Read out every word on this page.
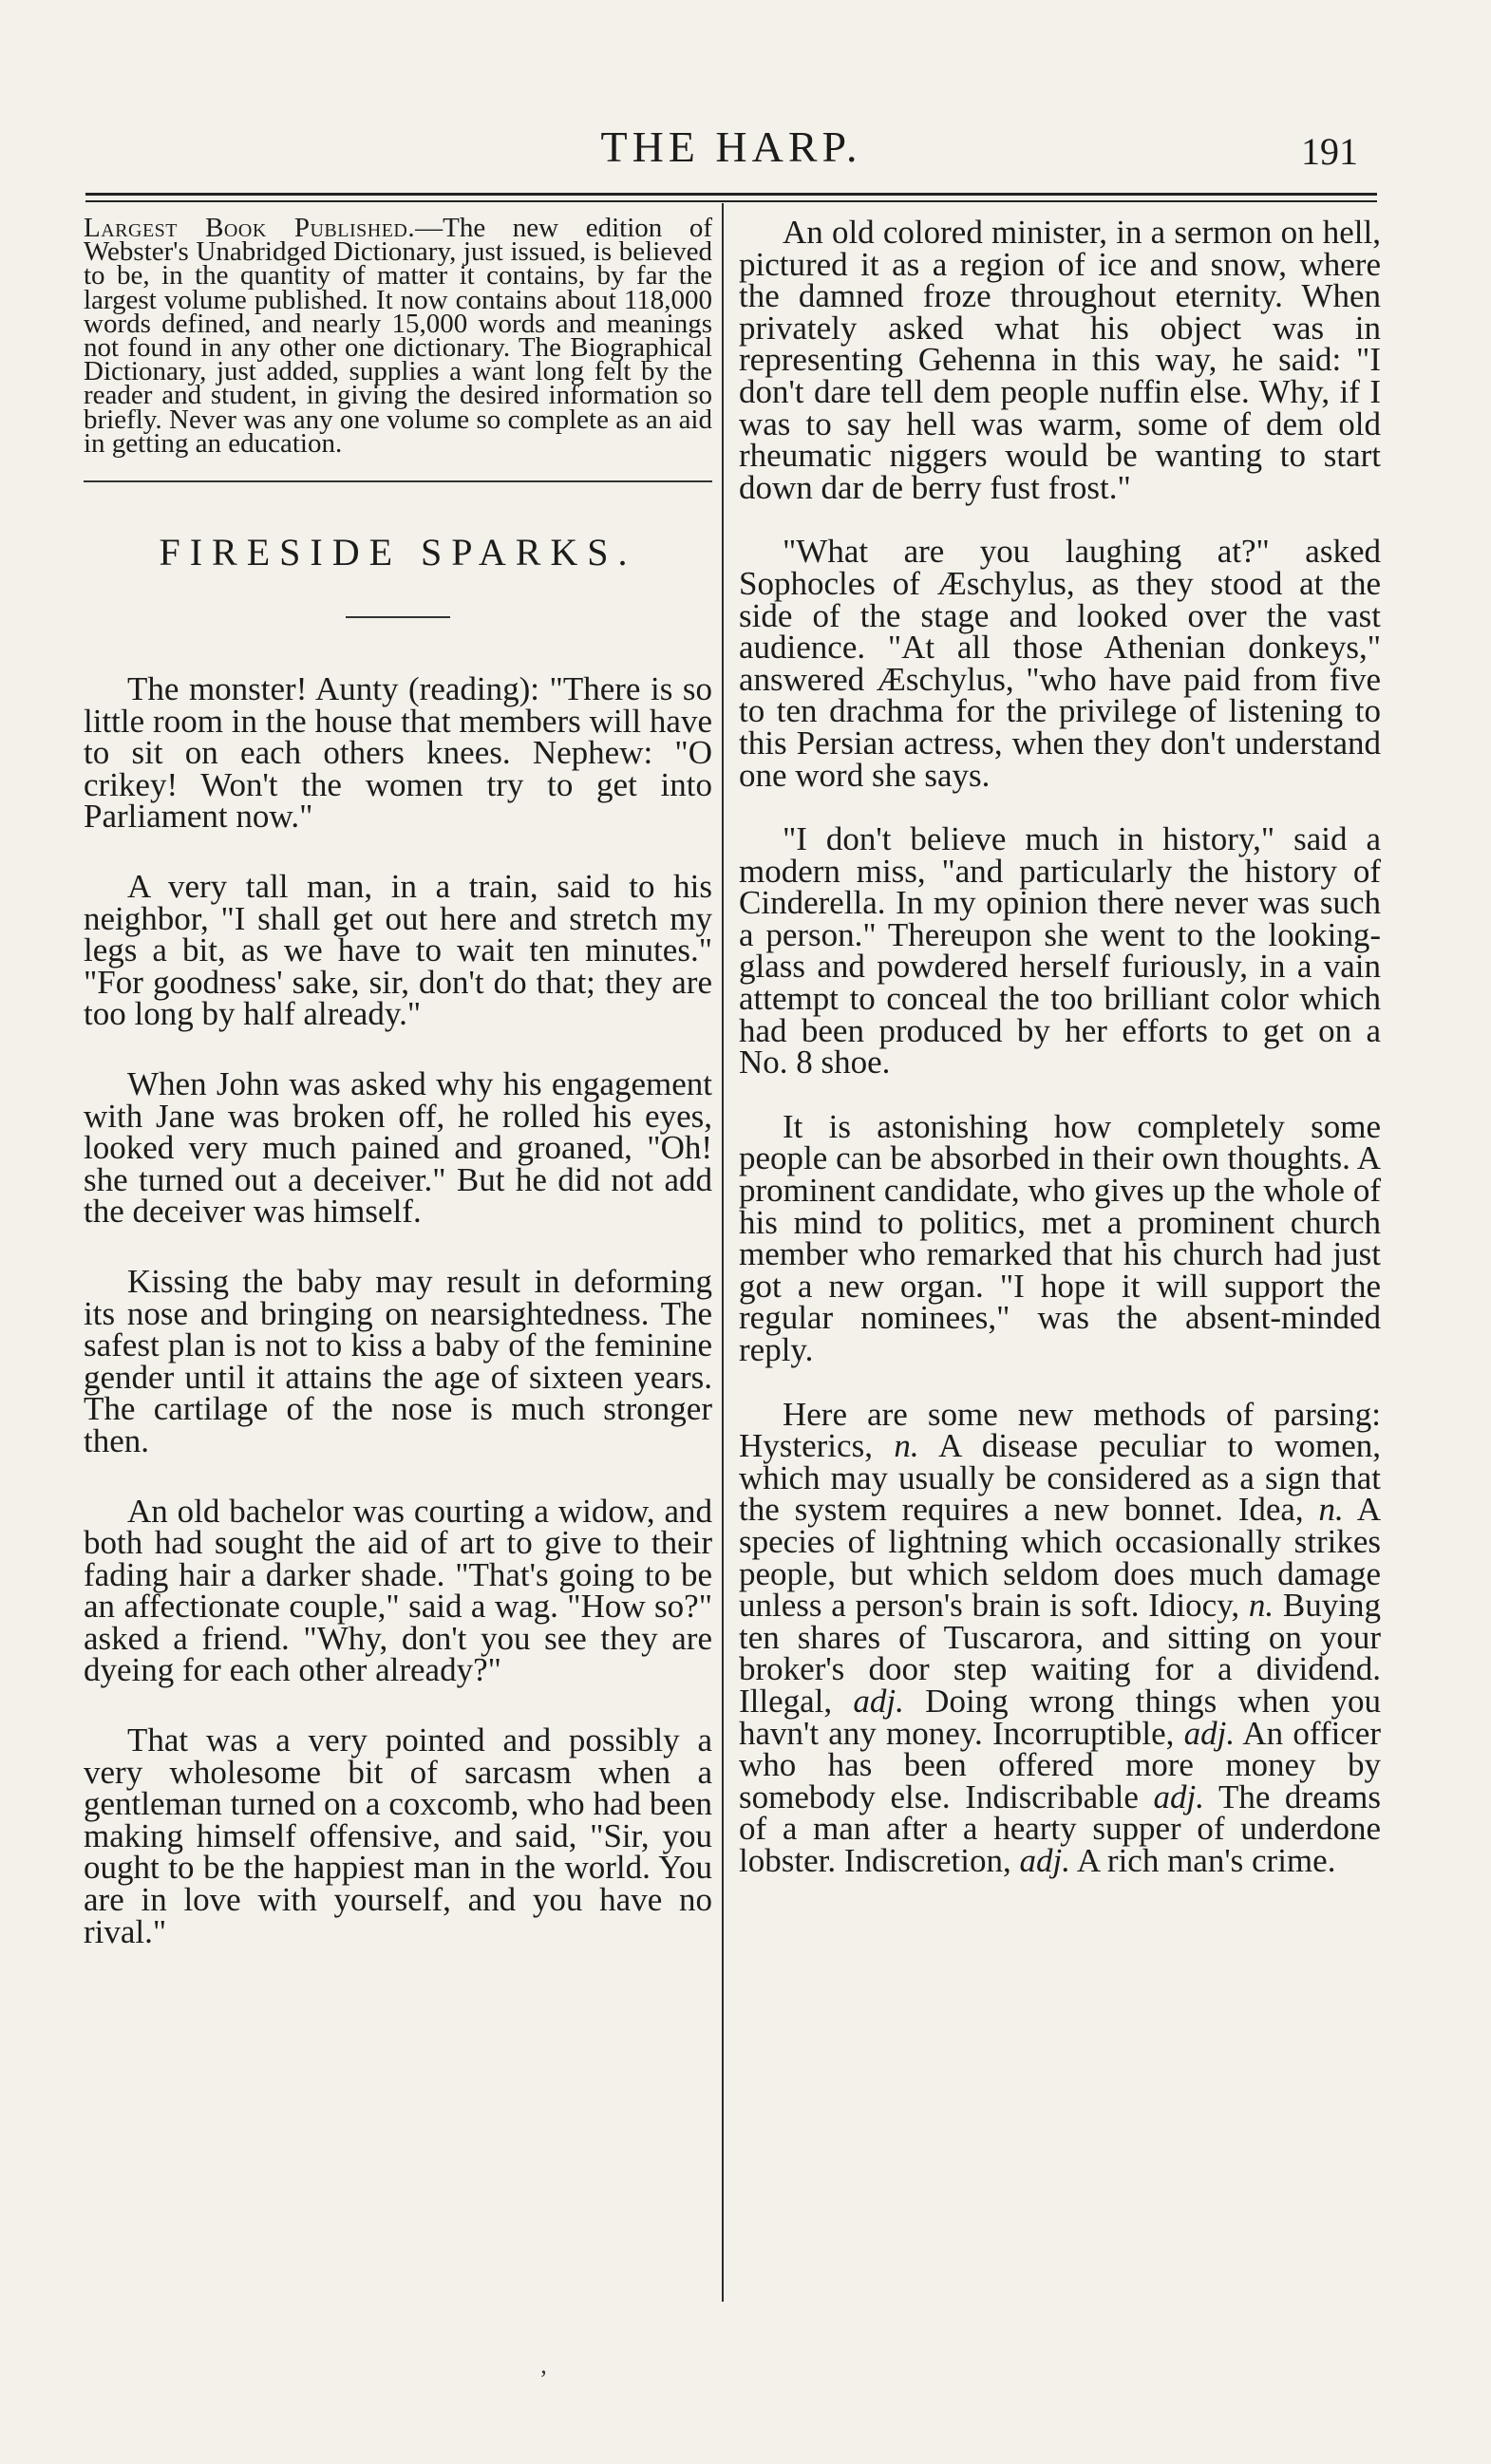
THE HARP.	191

Largest Book Published.—The new edition of Webster's Unabridged Dictionary, just issued, is believed to be, in the quantity of matter it contains, by far the largest volume published. It now contains about 118,000 words defined, and nearly 15,000 words and meanings not found in any other one dictionary. The Biographical Dictionary, just added, supplies a want long felt by the reader and student, in giving the desired information so briefly. Never was any one volume so complete as an aid in getting an education.

FIRESIDE SPARKS.

The monster! Aunty (reading): "There is so little room in the house that members will have to sit on each others knees. Nephew: "O crikey! Won't the women try to get into Parliament now."

A very tall man, in a train, said to his neighbor, "I shall get out here and stretch my legs a bit, as we have to wait ten minutes." "For goodness' sake, sir, don't do that; they are too long by half already."

When John was asked why his engagement with Jane was broken off, he rolled his eyes, looked very much pained and groaned, "Oh! she turned out a deceiver." But he did not add the deceiver was himself.

Kissing the baby may result in deforming its nose and bringing on nearsightedness. The safest plan is not to kiss a baby of the feminine gender until it attains the age of sixteen years. The cartilage of the nose is much stronger then.

An old bachelor was courting a widow, and both had sought the aid of art to give to their fading hair a darker shade. "That's going to be an affectionate couple," said a wag. "How so?" asked a friend. "Why, don't you see they are dyeing for each other already?"

That was a very pointed and possibly a very wholesome bit of sarcasm when a gentleman turned on a coxcomb, who had been making himself offensive, and said, "Sir, you ought to be the happiest man in the world. You are in love with yourself, and you have no rival."

An old colored minister, in a sermon on hell, pictured it as a region of ice and snow, where the damned froze throughout eternity. When privately asked what his object was in representing Gehenna in this way, he said: "I don't dare tell dem people nuffin else. Why, if I was to say hell was warm, some of dem old rheumatic niggers would be wanting to start down dar de berry fust frost."

"What are you laughing at?" asked Sophocles of Æschylus, as they stood at the side of the stage and looked over the vast audience. "At all those Athenian donkeys," answered Æschylus, "who have paid from five to ten drachma for the privilege of listening to this Persian actress, when they don't understand one word she says.

"I don't believe much in history," said a modern miss, "and particularly the history of Cinderella. In my opinion there never was such a person." Thereupon she went to the looking-glass and powdered herself furiously, in a vain attempt to conceal the too brilliant color which had been produced by her efforts to get on a No. 8 shoe.

It is astonishing how completely some people can be absorbed in their own thoughts. A prominent candidate, who gives up the whole of his mind to politics, met a prominent church member who remarked that his church had just got a new organ. "I hope it will support the regular nominees," was the absent-minded reply.

Here are some new methods of parsing: Hysterics, n. A disease peculiar to women, which may usually be considered as a sign that the system requires a new bonnet. Idea, n. A species of lightning which occasionally strikes people, but which seldom does much damage unless a person's brain is soft. Idiocy, n. Buying ten shares of Tuscarora, and sitting on your broker's door step waiting for a dividend. Illegal, adj. Doing wrong things when you havn't any money. Incorruptible, adj. An officer who has been offered more money by somebody else. Indiscribable adj. The dreams of a man after a hearty supper of underdone lobster. Indiscretion, adj. A rich man's crime.

‚
